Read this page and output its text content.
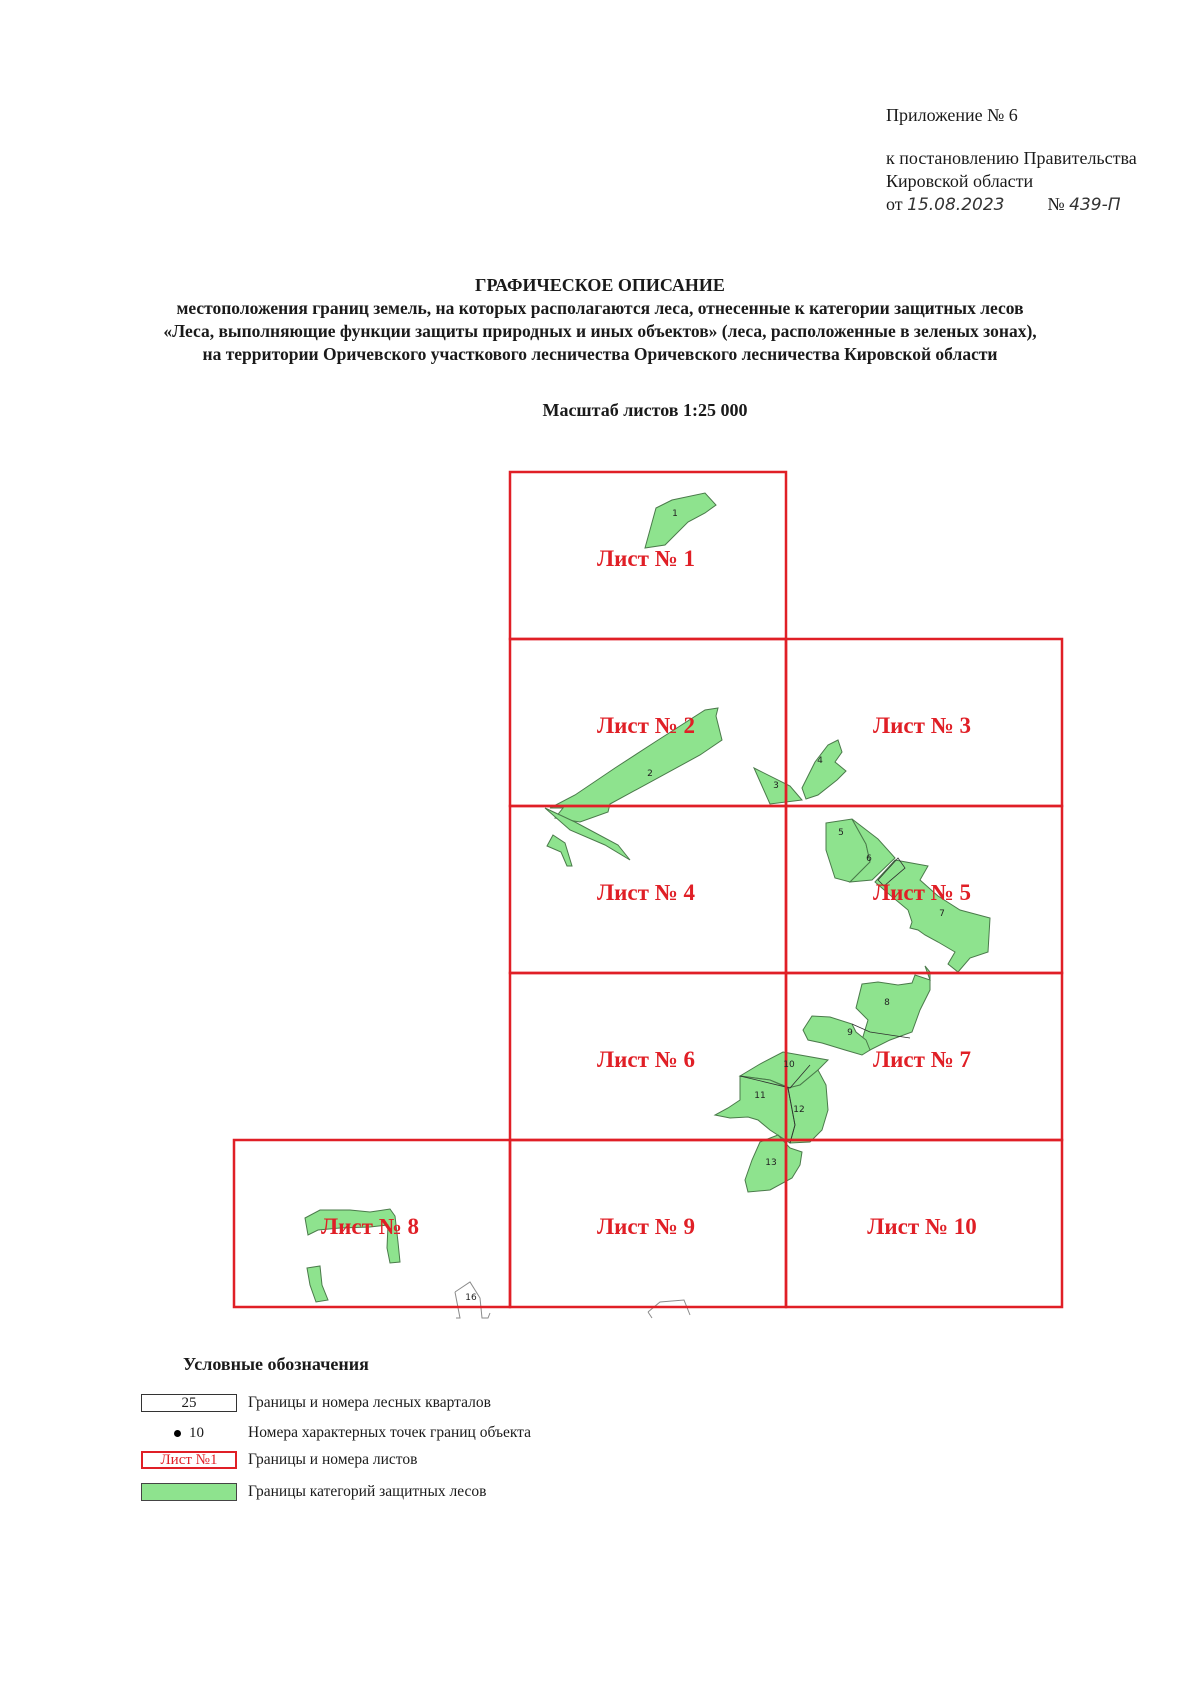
Приложение № 6
к постановлению Правительства
Кировской области
от 15.08.2023 № 439-П
ГРАФИЧЕСКОЕ ОПИСАНИЕ
местоположения границ земель, на которых располагаются леса, отнесенные к категории защитных лесов
«Леса, выполняющие функции защиты природных и иных объектов» (леса, расположенные в зеленых зонах),
на территории Оричевского участкового лесничества Оричевского лесничества Кировской области
Масштаб листов 1:25 000
Лист № 1
Лист № 2	Лист № 3
Лист № 4	Лист № 5
Лист № 6	Лист № 7
Лист № 8	Лист № 9	Лист № 10
1
2
3
4
5
6
7
8
9
10
11
12
13
16
Условные обозначения
25	Границы и номера лесных кварталов
10	Номера характерных точек границ объекта
Лист №1	Границы и номера листов
Границы категорий защитных лесов
